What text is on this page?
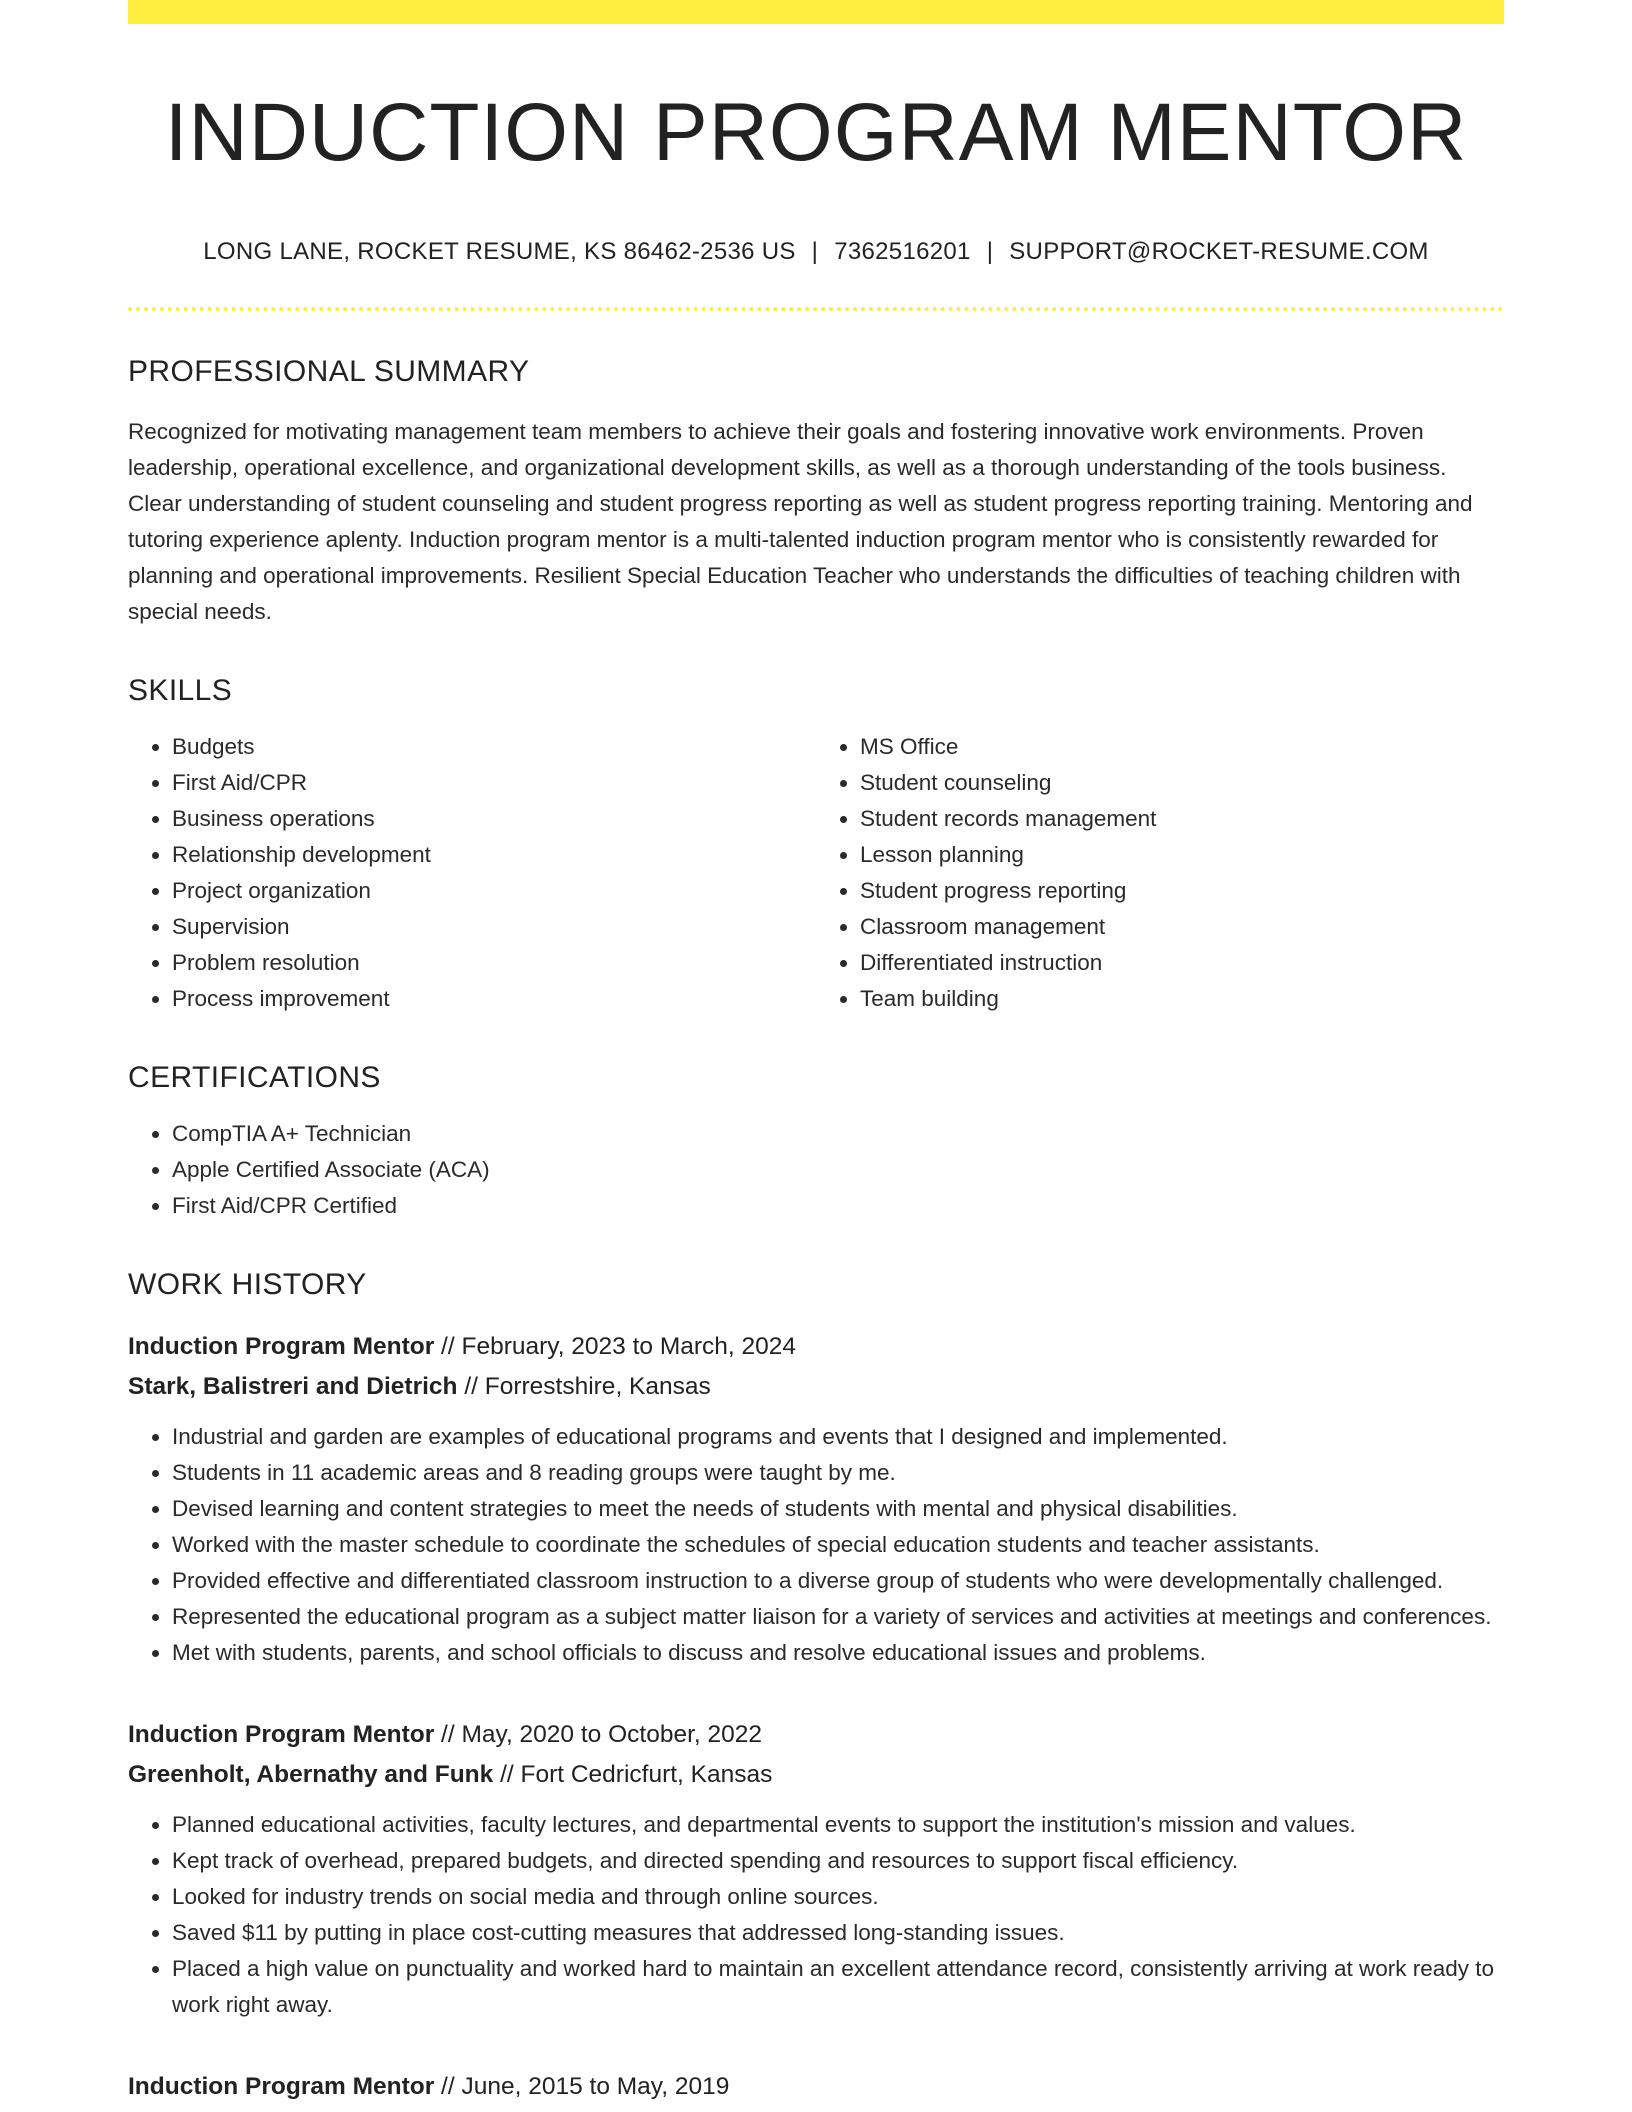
INDUCTION PROGRAM MENTOR
LONG LANE, ROCKET RESUME, KS 86462-2536 US | 7362516201 | SUPPORT@ROCKET-RESUME.COM
PROFESSIONAL SUMMARY

Recognized for motivating management team members to achieve their goals and fostering innovative work environments. Proven leadership, operational excellence, and organizational development skills, as well as a thorough understanding of the tools business. Clear understanding of student counseling and student progress reporting as well as student progress reporting training. Mentoring and tutoring experience aplenty. Induction program mentor is a multi-talented induction program mentor who is consistently rewarded for planning and operational improvements. Resilient Special Education Teacher who understands the difficulties of teaching children with special needs.

SKILLS
• Budgets
• First Aid/CPR
• Business operations
• Relationship development
• Project organization
• Supervision
• Problem resolution
• Process improvement
• MS Office
• Student counseling
• Student records management
• Lesson planning
• Student progress reporting
• Classroom management
• Differentiated instruction
• Team building
CERTIFICATIONS
• CompTIA A+ Technician
• Apple Certified Associate (ACA)
• First Aid/CPR Certified
WORK HISTORY
Induction Program Mentor // February, 2023 to March, 2024
Stark, Balistreri and Dietrich // Forrestshire, Kansas
• Industrial and garden are examples of educational programs and events that I designed and implemented.
• Students in 11 academic areas and 8 reading groups were taught by me.
• Devised learning and content strategies to meet the needs of students with mental and physical disabilities.
• Worked with the master schedule to coordinate the schedules of special education students and teacher assistants.
• Provided effective and differentiated classroom instruction to a diverse group of students who were developmentally challenged.
• Represented the educational program as a subject matter liaison for a variety of services and activities at meetings and conferences.
• Met with students, parents, and school officials to discuss and resolve educational issues and problems.
Induction Program Mentor // May, 2020 to October, 2022
Greenholt, Abernathy and Funk // Fort Cedricfurt, Kansas
• Planned educational activities, faculty lectures, and departmental events to support the institution's mission and values.
• Kept track of overhead, prepared budgets, and directed spending and resources to support fiscal efficiency.
• Looked for industry trends on social media and through online sources.
• Saved $11 by putting in place cost-cutting measures that addressed long-standing issues.
• Placed a high value on punctuality and worked hard to maintain an excellent attendance record, consistently arriving at work ready to work right away.
Induction Program Mentor // June, 2015 to May, 2019
